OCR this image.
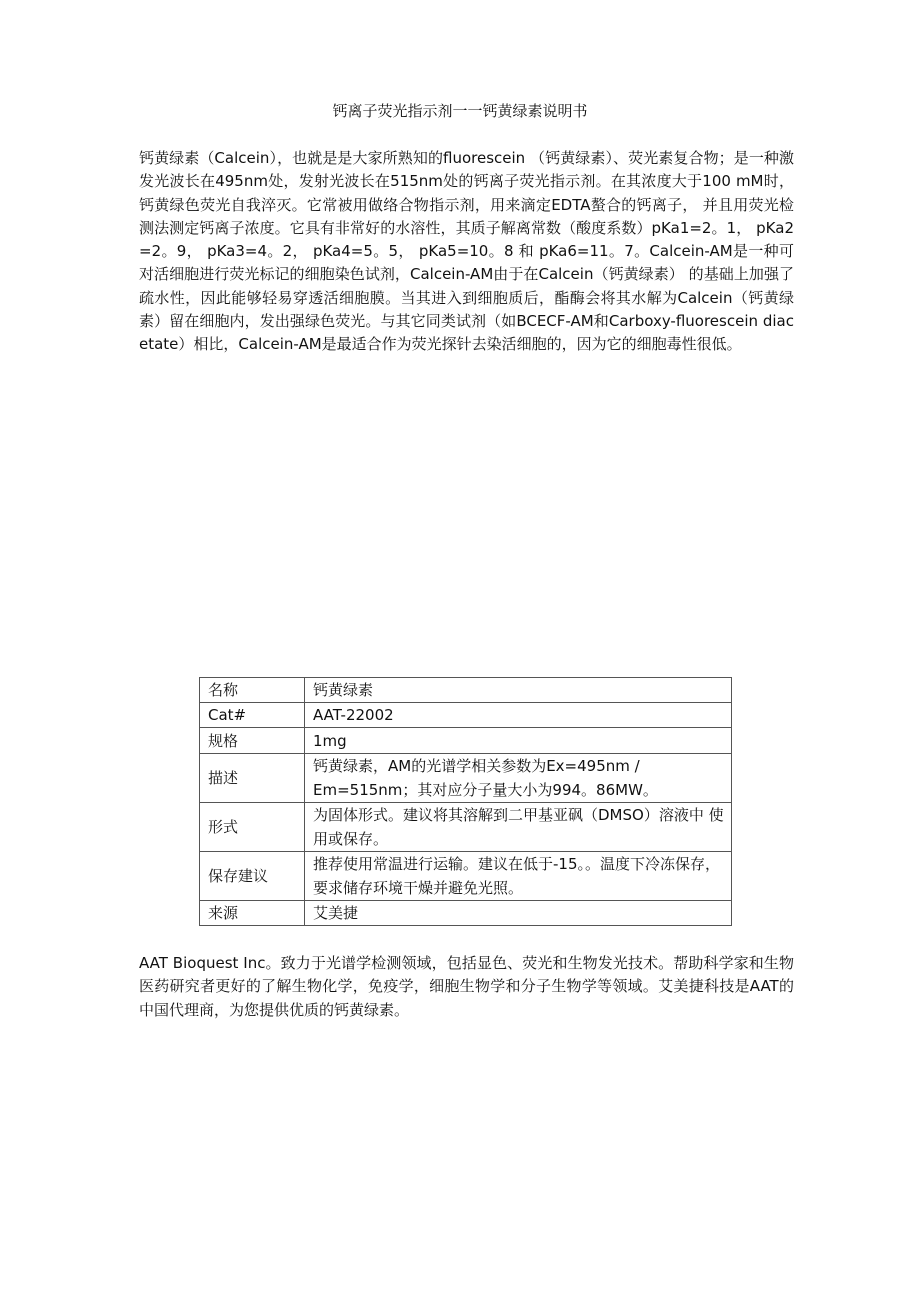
钙离子荧光指示剂一一钙黄绿素说明书
钙黄绿素（Calcein），也就是是大家所熟知的fluorescein （钙黄绿素）、荧光素复合物；是一种激发光波长在495nm处，发射光波长在515nm处的钙离子荧光指示剂。在其浓度大于100 mM时，钙黄绿色荧光自我淬灭。它常被用做络合物指示剂，用来滴定EDTA螯合的钙离子， 并且用荧光检测法测定钙离子浓度。它具有非常好的水溶性，其质子解离常数（酸度系数）pKa1=2。1， pKa2=2。9， pKa3=4。2， pKa4=5。5， pKa5=10。8 和 pKa6=11。7。Calcein-AM是一种可对活细胞进行荧光标记的细胞染色试剂，Calcein-AM由于在Calcein（钙黄绿素） 的基础上加强了疏水性，因此能够轻易穿透活细胞膜。当其进入到细胞质后，酯酶会将其水解为Calcein（钙黄绿素）留在细胞内，发出强绿色荧光。与其它同类试剂（如BCECF-AM和Carboxy-fluorescein diacetate）相比，Calcein-AM是最适合作为荧光探针去染活细胞的，因为它的细胞毒性很低。
名称	钙黄绿素
Cat#	AAT-22002
规格	1mg
描述	钙黄绿素，AM的光谱学相关参数为Ex=495nm / Em=515nm；其对应分子量大小为994。86MW。
形式	为固体形式。建议将其溶解到二甲基亚砜（DMSO）溶液中 使用或保存。
保存建议	推荐使用常温进行运输。建议在低于-15。。温度下冷冻保存，要求储存环境干燥并避免光照。
来源	艾美捷
AAT Bioquest Inc。致力于光谱学检测领域，包括显色、荧光和生物发光技术。帮助科学家和生物医药研究者更好的了解生物化学，免疫学，细胞生物学和分子生物学等领域。艾美捷科技是AAT的中国代理商，为您提供优质的钙黄绿素。
